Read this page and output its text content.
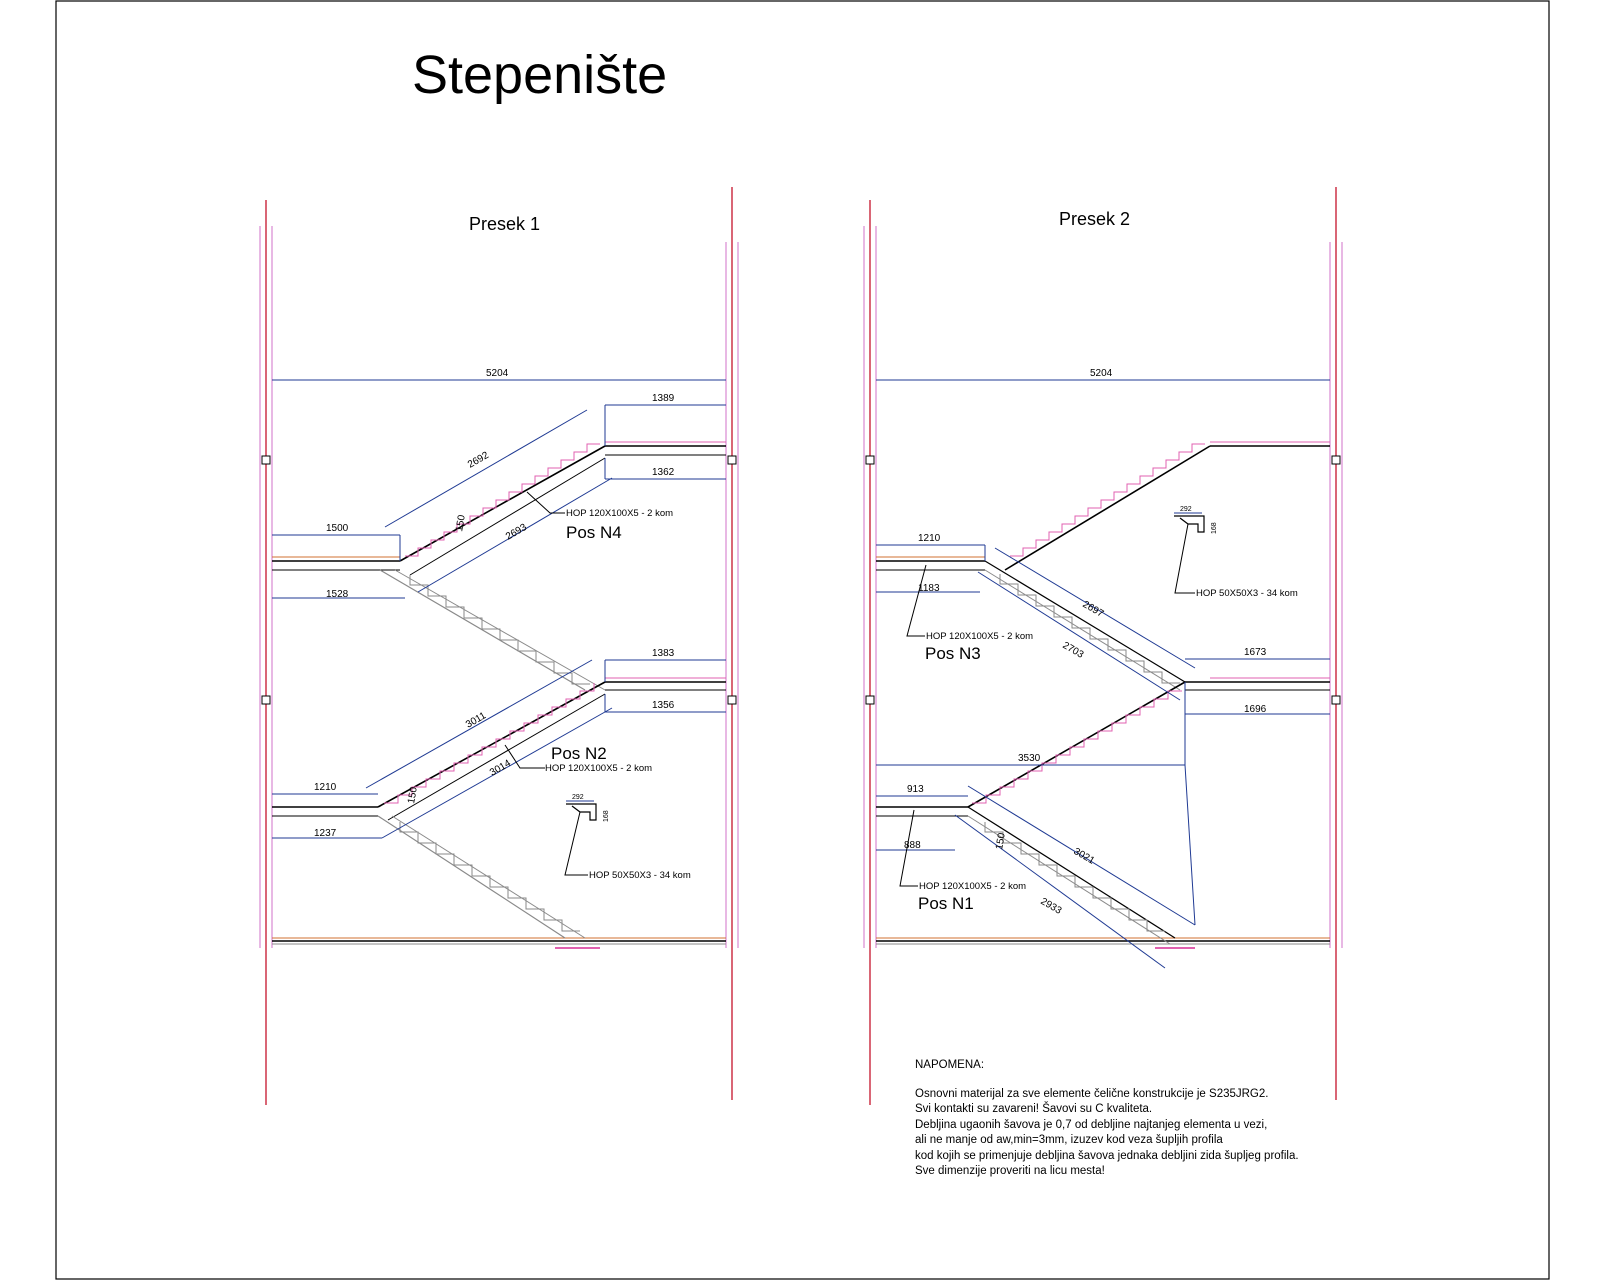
Stepenište
Presek 1	Presek 2
5204
1389
1362
2692
2693
150
1500
1528
1383
1356
3011
3014
150
1210
1237
HOP 120X100X5 - 2 kom
Pos N4
HOP 120X100X5 - 2 kom
Pos N2
292
168
HOP 50X50X3 - 34 kom
5204
1210
1183
2697
2703	1673
1696
3530
913
888
3021
2933
150
HOP 120X100X5 - 2 kom
Pos N3
HOP 120X100X5 - 2 kom
Pos N1
292
168
HOP 50X50X3 - 34 kom
NAPOMENA:
Osnovni materijal za sve elemente čelične konstrukcije je S235JRG2.
Svi kontakti su zavareni! Šavovi su C kvaliteta.
Debljina ugaonih šavova je 0,7 od debljine najtanjeg elementa u vezi,
ali ne manje od aw,min=3mm, izuzev kod veza šupljih profila
kod kojih se primenjuje debljina šavova jednaka debljini zida šupljeg profila.
Sve dimenzije proveriti na licu mesta!
